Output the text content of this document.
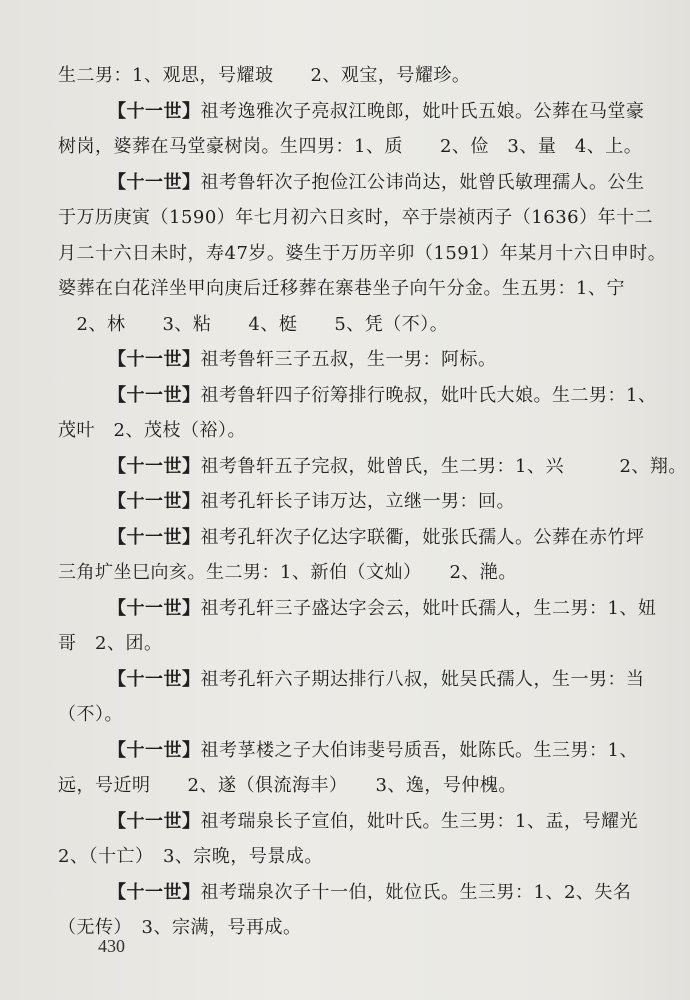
生二男：1、观思，号耀玻　　2、观宝，号耀珍。
【十一世】祖考逸雅次子亮叔江晚郎，妣叶氏五娘。公葬在马堂豪
树岗，婆葬在马堂豪树岗。生四男：1、质　　2、俭　3、量　4、上。
【十一世】祖考鲁轩次子抱俭江公讳尚达，妣曾氏敏理孺人。公生
于万历庚寅（1590）年七月初六日亥时，卒于崇祯丙子（1636）年十二
月二十六日未时，寿47岁。婆生于万历辛卯（1591）年某月十六日申时。
婆葬在白花洋坐甲向庚后迁移葬在寨巷坐子向午分金。生五男：1、宁
　2、林　　3、粘　　4、梃　　5、凭（不）。
【十一世】祖考鲁轩三子五叔，生一男：阿标。
【十一世】祖考鲁轩四子衍筹排行晚叔，妣叶氏大娘。生二男：1、
茂叶　2、茂枝（裕）。
【十一世】祖考鲁轩五子完叔，妣曾氏，生二男：1、兴　　　2、翔。
【十一世】祖考孔轩长子讳万达，立继一男：回。
【十一世】祖考孔轩次子亿达字联衢，妣张氏孺人。公葬在赤竹坪
三角圹坐巳向亥。生二男：1、新伯（文灿）　　2、滟。
【十一世】祖考孔轩三子盛达字会云，妣叶氏孺人，生二男：1、妞
哥　2、团。
【十一世】祖考孔轩六子期达排行八叔，妣吴氏孺人，生一男：当
（不）。
【十一世】祖考莩楼之子大伯讳斐号质吾，妣陈氏。生三男：1、
远，号近明　　2、遂（俱流海丰）　　3、逸，号仲槐。
【十一世】祖考瑞泉长子宣伯，妣叶氏。生三男：1、盂，号耀光
2、（十亡）　3、宗晚，号景成。
【十一世】祖考瑞泉次子十一伯，妣位氏。生三男：1、2、失名
（无传）　3、宗满，号再成。
430
